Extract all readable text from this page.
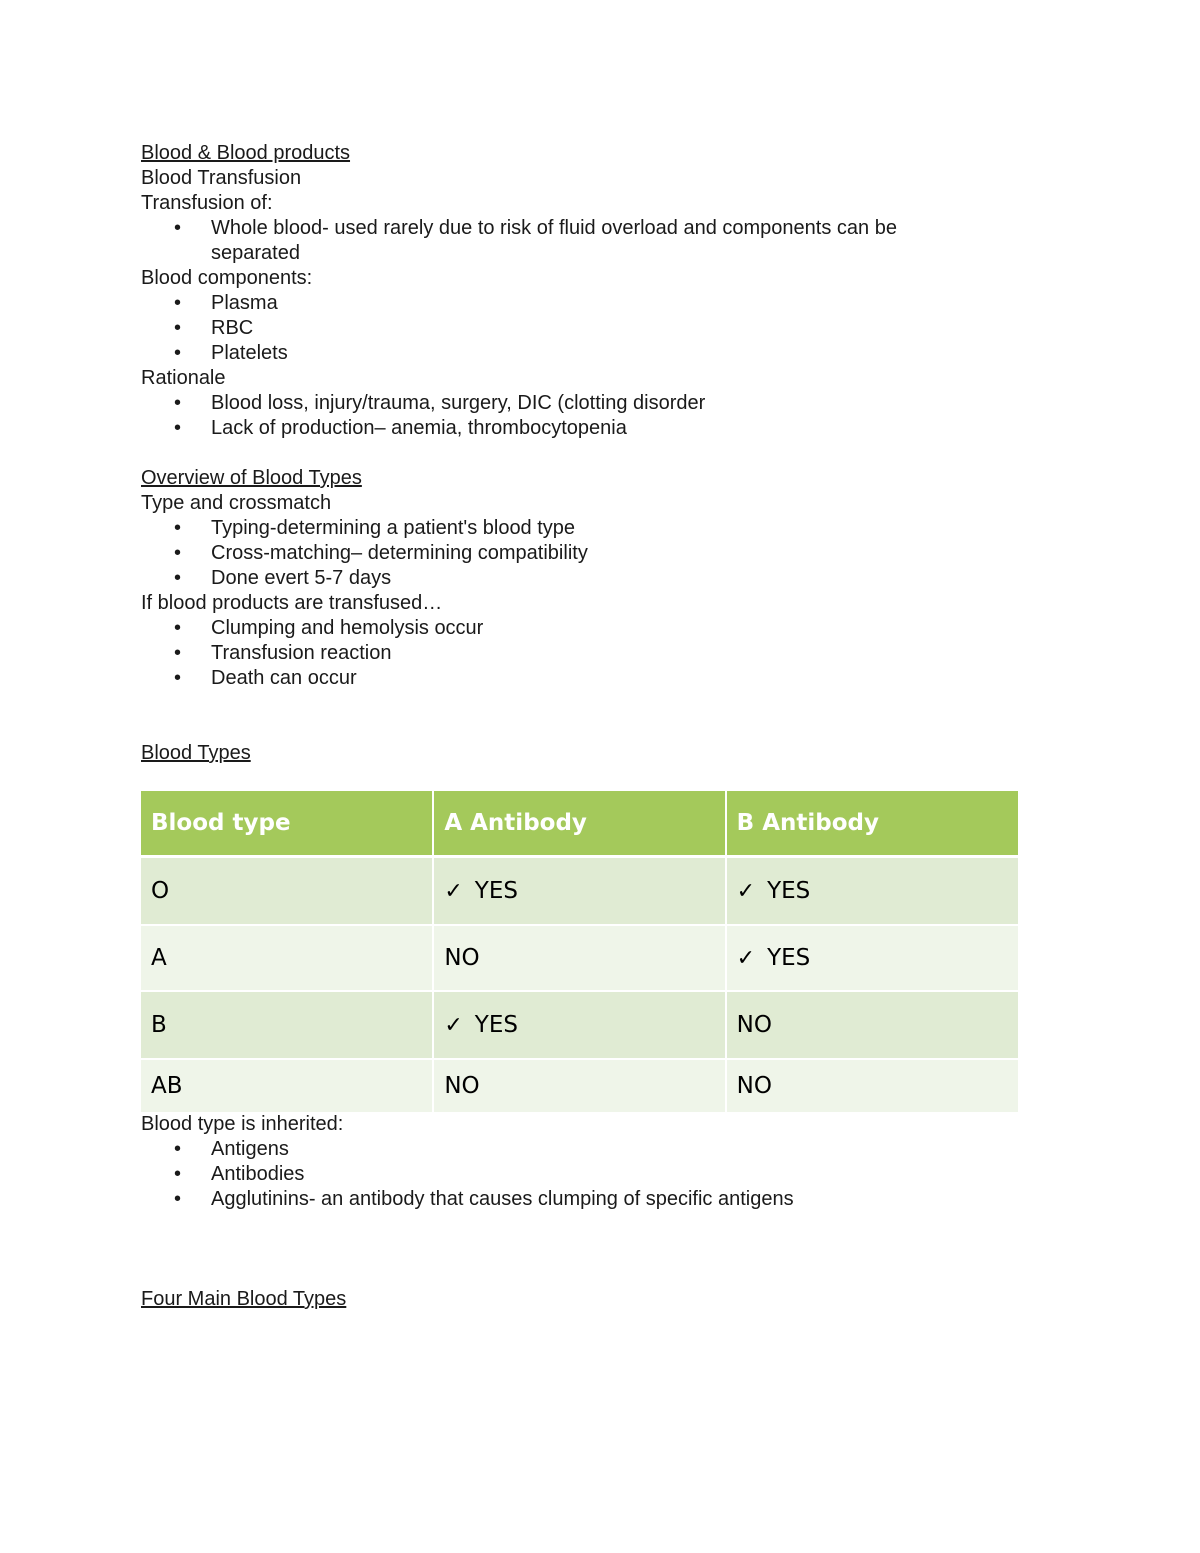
Blood & Blood products
Blood Transfusion
Transfusion of:
• Whole blood- used rarely due to risk of fluid overload and components can be separated
Blood components:
• Plasma
• RBC
• Platelets
Rationale
• Blood loss, injury/trauma, surgery, DIC (clotting disorder
• Lack of production– anemia, thrombocytopenia
Overview of Blood Types
Type and crossmatch
• Typing-determining a patient's blood type
• Cross-matching– determining compatibility
• Done evert 5-7 days
If blood products are transfused…
• Clumping and hemolysis occur
• Transfusion reaction
• Death can occur
Blood Types
Blood type	A Antibody	B Antibody
O	✓ YES	✓ YES
A	NO	✓ YES
B	✓ YES	NO
AB	NO	NO
Blood type is inherited:
• Antigens
• Antibodies
• Agglutinins- an antibody that causes clumping of specific antigens
Four Main Blood Types
